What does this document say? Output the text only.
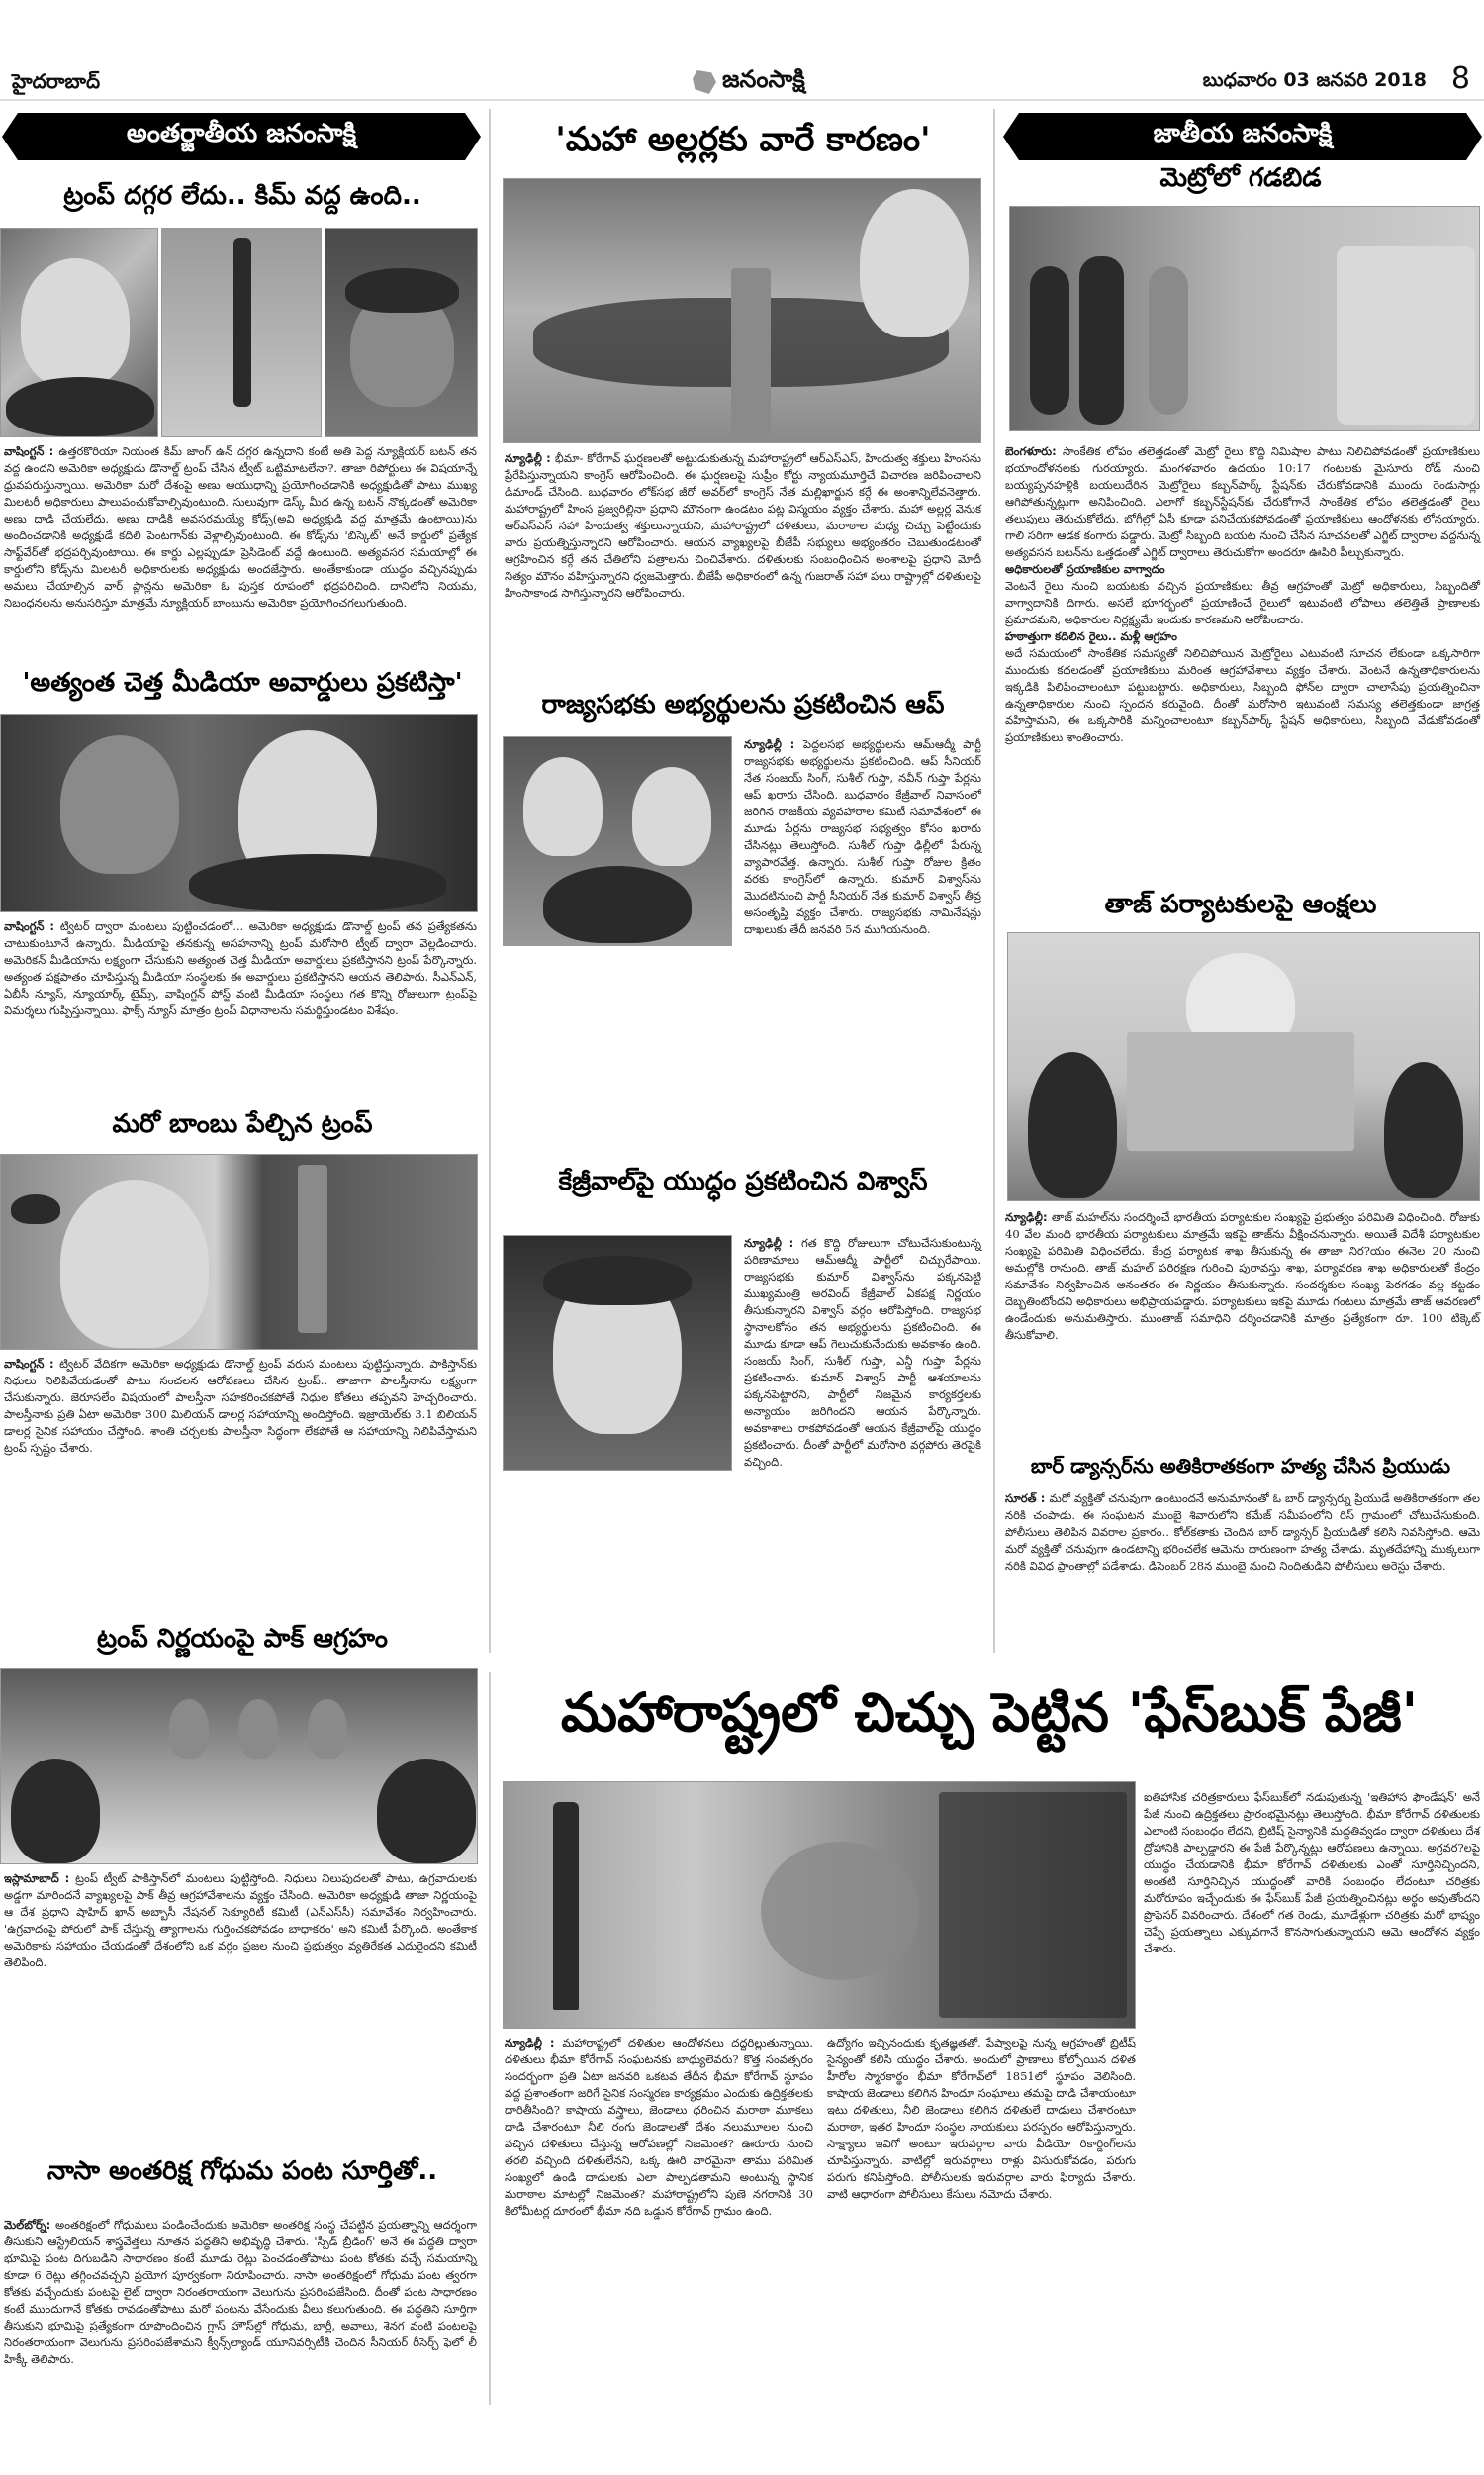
హైదరాబాద్	జనంసాక్షి	బుధవారం 03 జనవరి 2018 8
అంతర్జాతీయ జనంసాక్షి
ట్రంప్ దగ్గర లేదు.. కిమ్ వద్ద ఉంది..
వాషింగ్టన్ : ఉత్తరకొరియా నియంత కిమ్ జాంగ్ ఉన్ దగ్గర ఉన్నదాని కంటే అతి పెద్ద న్యూక్లియర్ బటన్ తన వద్ద ఉందని అమెరికా అధ్యక్షుడు డొనాల్డ్ ట్రంప్ చేసిన ట్వీట్ ఒట్టిమాటలేనా?. తాజా రిపోర్టులు ఈ విషయాన్నే ధ్రువపరుస్తున్నాయి. అమెరికా మరో దేశంపై అణు ఆయుధాన్ని ప్రయోగించడానికి అధ్యక్షుడితో పాటు ముఖ్య మిలటరీ అధికారులు పాలుపంచుకోవాల్సివుంటుంది. సులువుగా డెస్క్ మీద ఉన్న బటన్ నొక్కడంతో అమెరికా అణు దాడి చేయలేదు. అణు దాడికి అవసరమయ్యే కోడ్స్(అవి అధ్యక్షుడి వద్ద మాత్రమే ఉంటాయి)ను అందించడానికి అధ్యక్షుడే కదిలి పెంటగాన్‌కు వెళ్లాల్సివుంటుంది. ఈ కోడ్స్‌ను 'బిస్కెట్' అనే కార్డులో ప్రత్యేక సాఫ్ట్‌వేర్‌తో భద్రపర్చివుంటాయి. ఈ కార్డు ఎల్లప్పుడూ ప్రెసిడెంట్ వద్దే ఉంటుంది. అత్యవసర సమయాల్లో ఈ కార్డులోని కోడ్స్‌ను మిలటరీ అధికారులకు అధ్యక్షుడు అందజేస్తారు. అంతేకాకుండా యుద్ధం వచ్చినప్పుడు అమలు చేయాల్సిన వార్ ప్లాన్లను అమెరికా ఓ పుస్తక రూపంలో భద్రపరిచింది. దానిలోని నియమ, నిబంధనలను అనుసరిస్తూ మాత్రమే న్యూక్లియర్ బాంబును అమెరికా ప్రయోగించగలుగుతుంది.
'అత్యంత చెత్త మీడియా అవార్డులు ప్రకటిస్తా'
వాషింగ్టన్ : ట్విటర్ ద్వారా మంటలు పుట్టించడంలో... అమెరికా అధ్యక్షుడు డొనాల్డ్ ట్రంప్ తన ప్రత్యేకతను చాటుకుంటూనే ఉన్నారు. మీడియాపై తనకున్న అసహనాన్ని ట్రంప్ మరోసారి ట్వీట్ ద్వారా వెల్లడించారు. అమెరికన్ మీడియాను లక్ష్యంగా చేసుకుని అత్యంత చెత్త మీడియా అవార్డులు ప్రకటిస్తానని ట్రంప్ పేర్కొన్నారు. అత్యంత పక్షపాతం చూపిస్తున్న మీడియా సంస్థలకు ఈ అవార్డులు ప్రకటిస్తానని ఆయన తెలిపారు. సీఎన్ఎన్, ఏబీసీ న్యూస్, న్యూయార్క్ టైమ్స్, వాషింగ్టన్ పోస్ట్ వంటి మీడియా సంస్థలు గత కొన్ని రోజులుగా ట్రంప్‌పై విమర్శలు గుప్పిస్తున్నాయి. ఫాక్స్ న్యూస్ మాత్రం ట్రంప్ విధానాలను సమర్థిస్తుండటం విశేషం.
మరో బాంబు పేల్చిన ట్రంప్
వాషింగ్టన్ : ట్విటర్ వేదికగా అమెరికా అధ్యక్షుడు డొనాల్డ్ ట్రంప్ వరుస మంటలు పుట్టిస్తున్నారు. పాకిస్తాన్‌కు నిధులు నిలిపివేయడంతో పాటు సంచలన ఆరోపణలు చేసిన ట్రంప్.. తాజాగా పాలస్తీనాను లక్ష్యంగా చేసుకున్నారు. జెరూసలేం విషయంలో పాలస్తీనా సహకరించకపోతే నిధుల కోతలు తప్పవని హెచ్చరించారు. పాలస్తీనాకు ప్రతి ఏటా అమెరికా 300 మిలియన్ డాలర్ల సహాయాన్ని అందిస్తోంది. ఇజ్రాయెల్‌కు 3.1 బిలియన్ డాలర్ల సైనిక సహాయం చేస్తోంది. శాంతి చర్చలకు పాలస్తీనా సిద్ధంగా లేకపోతే ఆ సహాయాన్ని నిలిపివేస్తామని ట్రంప్ స్పష్టం చేశారు.
ట్రంప్ నిర్ణయంపై పాక్ ఆగ్రహం
ఇస్లామాబాద్ : ట్రంప్ ట్వీట్ పాకిస్తాన్‌లో మంటలు పుట్టిస్తోంది. నిధులు నిలుపుదలతో పాటు, ఉగ్రవాదులకు అడ్డగా మారిందనే వ్యాఖ్యలపై పాక్ తీవ్ర ఆగ్రహావేశాలను వ్యక్తం చేసింది. అమెరికా అధ్యక్షుడి తాజా నిర్ణయంపై ఆ దేశ ప్రధాని షాహిద్ ఖాన్ అబ్బాసీ నేషనల్ సెక్యూరిటీ కమిటీ (ఎన్ఎస్‌సీ) సమావేశం నిర్వహించారు. 'ఉగ్రవాదంపై పోరులో పాక్ చేస్తున్న త్యాగాలను గుర్తించకపోవడం బాధాకరం' అని కమిటీ పేర్కొంది. అంతేకాక అమెరికాకు సహాయం చేయడంతో దేశంలోని ఒక వర్గం ప్రజల నుంచి ప్రభుత్వం వ్యతిరేకత ఎదురైందని కమిటీ తెలిపింది.
నాసా అంతరిక్ష గోధుమ పంట సూర్తితో..
మెల్‌బోర్న్: అంతరిక్షంలో గోధుమలు పండించేందుకు అమెరికా అంతరిక్ష సంస్థ చేపట్టిన ప్రయత్నాన్ని ఆదర్శంగా తీసుకుని ఆస్ట్రేలియన్ శాస్త్రవేత్తలు నూతన పద్ధతిని అభివృద్ధి చేశారు. 'స్పీడ్ బ్రీడింగ్' అనే ఈ పద్ధతి ద్వారా భూమిపై పంట దిగుబడిని సాధారణం కంటే మూడు రెట్లు పెంచడంతోపాటు పంట కోతకు వచ్చే సమయాన్ని కూడా 6 రెట్లు తగ్గించవచ్చని ప్రయోగ పూర్వకంగా నిరూపించారు. నాసా అంతరిక్షంలో గోధుమ పంట త్వరగా కోతకు వచ్చేందుకు పంటపై లైట్ ద్వారా నిరంతరాయంగా వెలుగును ప్రసరింపజేసింది. దీంతో పంట సాధారణం కంటే ముందుగానే కోతకు రావడంతోపాటు మరో పంటను వేసేందుకు వీలు కలుగుతుంది. ఈ పద్ధతిని సూర్తిగా తీసుకుని భూమిపై ప్రత్యేకంగా రూపొందించిన గ్లాస్ హౌస్‌ల్లో గోధుమ, బార్లీ, అవాలు, శెనగ వంటి పంటలపై నిరంతరాయంగా వెలుగును ప్రసరింపజేశామని క్వీన్స్‌ల్యాండ్ యూనివర్సిటీకి చెందిన సీనియర్ రీసెర్చ్ ఫెలో లీ హిక్కీ తెలిపారు.
'మహా అల్లర్లకు వారే కారణం'
న్యూఢిల్లీ : భీమా- కోరేగావ్ ఘర్షణలతో అట్టుడుకుతున్న మహారాష్ట్రలో ఆర్ఎస్ఎస్, హిందుత్వ శక్తులు హింసను ప్రేరేపిస్తున్నాయని కాంగ్రెస్ ఆరోపించింది. ఈ ఘర్షణలపై సుప్రీం కోర్టు న్యాయమూర్తిచే విచారణ జరిపించాలని డిమాండ్ చేసింది. బుధవారం లోక్‌సభ జీరో అవర్‌లో కాంగ్రెస్ నేత మల్లిఖార్జున కర్గే ఈ అంశాన్నిలేవనెత్తారు. మహారాష్ట్రలో హింస ప్రజ్వరిల్లినా ప్రధాని మౌనంగా ఉండటం పట్ల విస్మయం వ్యక్తం చేశారు. మహా అల్లర్ల వెనుక ఆర్ఎస్ఎస్ సహా హిందుత్వ శక్తులున్నాయని, మహారాష్ట్రలో దళితులు, మరాఠాల మధ్య చిచ్చు పెట్టేందుకు వారు ప్రయత్నిస్తున్నారని ఆరోపించారు. ఆయన వ్యాఖ్యలపై బీజేపీ సభ్యులు అభ్యంతరం చెబుతుండటంతో ఆగ్రహించిన కర్గే తన చేతిలోని పత్రాలను చించివేశారు. దళితులకు సంబంధించిన అంశాలపై ప్రధాని మోదీ నిత్యం మౌనం వహిస్తున్నారని ధ్వజమెత్తారు. బీజేపీ అధికారంలో ఉన్న గుజరాత్ సహా పలు రాష్ట్రాల్లో దళితులపై హింసాకాండ సాగిస్తున్నారని ఆరోపించారు.
రాజ్యసభకు అభ్యర్థులను ప్రకటించిన ఆప్
న్యూఢిల్లీ : పెద్దలసభ అభ్యర్థులను ఆమ్‌ఆద్మీ పార్టీ రాజ్యసభకు అభ్యర్థులను ప్రకటించింది. ఆప్ సీనియర్ నేత సంజయ్ సింగ్, సుశీల్ గుప్తా, నవీన్ గుప్తా పేర్లను ఆప్ ఖరారు చేసింది. బుధవారం కేజ్రీవాల్ నివాసంలో జరిగిన రాజకీయ వ్యవహారాల కమిటీ సమావేశంలో ఈ మూడు పేర్లను రాజ్యసభ సభ్యత్వం కోసం ఖరారు చేసినట్లు తెలుస్తోంది. సుశీల్ గుప్తా ఢిల్లీలో పేరున్న వ్యాపారవేత్త. ఉన్నారు. సుశీల్ గుప్తా రోజుల క్రితం వరకు కాంగ్రెస్‌లో ఉన్నారు. కుమార్ విశ్వాస్‌ను మొదటినుంచి పార్టీ సీనియర్ నేత కుమార్ విశ్వాస్ తీవ్ర అసంతృప్తి వ్యక్తం చేశారు. రాజ్యసభకు నామినేషన్లు దాఖలుకు తేదీ జనవరి 5న ముగియనుంది.
కేజ్రీవాల్‌పై యుద్ధం ప్రకటించిన విశ్వాస్
న్యూఢిల్లీ : గత కొద్ది రోజులుగా చోటుచేసుకుంటున్న పరిణామాలు ఆమ్‌ఆద్మీ పార్టీలో చిచ్చురేపాయి. రాజ్యసభకు కుమార్ విశ్వాస్‌ను పక్కనపెట్టి ముఖ్యమంత్రి అరవింద్ కేజ్రీవాల్ ఏకపక్ష నిర్ణయం తీసుకున్నారని విశ్వాస్ వర్గం ఆరోపిస్తోంది. రాజ్యసభ స్థానాలకోసం తన అభ్యర్థులను ప్రకటించింది. ఈ మూడు కూడా ఆప్ గెలుచుకునేందుకు అవకాశం ఉంది. సంజయ్ సింగ్, సుశీల్ గుప్తా, ఎన్డీ గుప్తా పేర్లను ప్రకటించారు. కుమార్ విశ్వాస్ పార్టీ ఆశయాలను పక్కనపెట్టారని, పార్టీలో నిజమైన కార్యకర్తలకు అన్యాయం జరిగిందని ఆయన పేర్కొన్నారు. అవకాశాలు రాకపోవడంతో ఆయన కేజ్రీవాల్‌పై యుద్ధం ప్రకటించారు. దీంతో పార్టీలో మరోసారి వర్గపోరు తెరపైకి వచ్చింది.
జాతీయ జనంసాక్షి
మెట్రోలో గడబిడ
బెంగళూరు: సాంకేతిక లోపం తలెత్తడంతో మెట్రో రైలు కొద్ది నిమిషాల పాటు నిలిచిపోవడంతో ప్రయాణికులు భయాందోళనలకు గురయ్యారు. మంగళవారం ఉదయం 10:17 గంటలకు మైసూరు రోడ్ నుంచి బయ్యప్పనహళ్లికి బయలుదేరిన మెట్రోరైలు కబ్బన్‌పార్క్ స్టేషన్‌కు చేరుకోవడానికి ముందు రెండుసార్లు ఆగిపోతున్నట్లుగా అనిపించింది. ఎలాగో కబ్బన్‌స్టేషన్‌కు చేరుకోగానే సాంకేతిక లోపం తలెత్తడంతో రైలు తలుపులు తెరుచుకోలేదు. బోగీల్లో ఏసీ కూడా పనిచేయకపోవడంతో ప్రయాణికులు ఆందోళనకు లోనయ్యారు. గాలి సరిగా ఆడక కంగారు పడ్డారు. మెట్రో సిబ్బంది బయట నుంచి చేసిన సూచనలతో ఎగ్జిట్ ద్వారాల వద్దనున్న అత్యవసన బటన్‌ను ఒత్తడంతో ఎగ్జిట్ ద్వారాలు తెరుచుకోగా అందరూ ఊపిరి పీల్చుకున్నారు.
అధికారులతో ప్రయాణికుల వాగ్వాదం
వెంటనే రైలు నుంచి బయటకు వచ్చిన ప్రయాణికులు తీవ్ర ఆగ్రహంతో మెట్రో అధికారులు, సిబ్బందితో వాగ్వాదానికి దిగారు. అసలే భూగర్భంలో ప్రయాణించే రైలులో ఇటువంటి లోపాలు తలెత్తితే ప్రాణాలకు ప్రమాదమని, అధికారుల నిర్లక్ష్యమే ఇందుకు కారణమని ఆరోపించారు.
హఠాత్తుగా కదిలిన రైలు.. మళ్లీ ఆగ్రహం
అదే సమయంలో సాంకేతిక సమస్యతో నిలిచిపోయిన మెట్రోరైలు ఎటువంటి సూచన లేకుండా ఒక్కసారిగా ముందుకు కదలడంతో ప్రయాణికులు మరింత ఆగ్రహావేశాలు వ్యక్తం చేశారు. వెంటనే ఉన్నతాధికారులను ఇక్కడికి పిలిపించాలంటూ పట్టుబట్టారు. అధికారులు, సిబ్బంది ఫోన్‌ల ద్వారా చాలాసేపు ప్రయత్నించినా ఉన్నతాధికారుల నుంచి స్పందన కరువైంది. దీంతో మరోసారి ఇటువంటి సమస్య తలెత్తకుండా జాగ్రత్త వహిస్తామని, ఈ ఒక్కసారికి మన్నించాలంటూ కబ్బన్‌పార్క్ స్టేషన్ అధికారులు, సిబ్బంది వేడుకోవడంతో ప్రయాణికులు శాంతించారు.
తాజ్ పర్యాటకులపై ఆంక్షలు
న్యూఢిల్లీ: తాజ్ మహల్‌ను సందర్శించే భారతీయ పర్యాటకుల సంఖ్యపై ప్రభుత్వం పరిమితి విధించింది. రోజుకు 40 వేల మంది భారతీయ పర్యాటకులు మాత్రమే ఇకపై తాజ్‌ను వీక్షించనున్నారు. అయితే విదేశీ పర్యాటకుల సంఖ్యపై పరిమితి విధించలేదు. కేంద్ర పర్యాటక శాఖ తీసుకున్న ఈ తాజా నిర?యం ఈనెల 20 నుంచి అమల్లోకి రానుంది. తాజ్ మహల్ పరిరక్షణ గురించి పురావస్తు శాఖ, పర్యావరణ శాఖ అధికారులతో కేంద్రం సమావేశం నిర్వహించిన అనంతరం ఈ నిర్ణయం తీసుకున్నారు. సందర్శకుల సంఖ్య పెరగడం వల్ల కట్టడం దెబ్బతింటోందని అధికారులు అభిప్రాయపడ్డారు. పర్యాటకులు ఇకపై మూడు గంటలు మాత్రమే తాజ్ ఆవరణలో ఉండేందుకు అనుమతిస్తారు. ముంతాజ్ సమాధిని దర్శించడానికి మాత్రం ప్రత్యేకంగా రూ. 100 టిక్కెట్ తీసుకోవాలి.
బార్ డ్యాన్సర్‌ను అతికిరాతకంగా హత్య చేసిన ప్రియుడు
సూరత్ : మరో వ్యక్తితో చనువుగా ఉంటుందనే అనుమానంతో ఓ బార్ డ్యాన్సర్ను ప్రియుడే అతికిరాతకంగా తల నరికి చంపాడు. ఈ సంఘటన ముంబై శివారులోని కమేజ్ సమీపంలోని రిస్ గ్రామంలో చోటుచేసుకుంది. పోలీసులు తెలిపిన వివరాల ప్రకారం.. కోల్‌కతాకు చెందిన బార్ డ్యాన్సర్ ప్రియుడితో కలిసి నివసిస్తోంది. ఆమె మరో వ్యక్తితో చనువుగా ఉండటాన్ని భరించలేక ఆమెను దారుణంగా హత్య చేశాడు. మృతదేహాన్ని ముక్కలుగా నరికి వివిధ ప్రాంతాల్లో పడేశాడు. డిసెంబర్ 28న ముంబై నుంచి నిందితుడిని పోలీసులు అరెస్టు చేశారు.
మహారాష్ట్రలో చిచ్చు పెట్టిన 'ఫేస్‌బుక్ పేజీ'
ఐతిహాసిక చరిత్రకారులు ఫేస్‌బుక్‌లో నడుపుతున్న 'ఇతిహాస ఫౌండేషన్' అనే పేజీ నుంచి ఉద్రిక్తతలు ప్రారంభమైనట్లు తెలుస్తోంది. భీమా కోరేగావ్ దళితులకు ఎలాంటి సంబంధం లేదని, బ్రిటిష్ సైన్యానికి మద్దతివ్వడం ద్వారా దళితులు దేశ ద్రోహానికి పాల్పడ్డారని ఈ పేజీ పేర్కొన్నట్లు ఆరోపణలు ఉన్నాయి. అగ్రవర?లపై యుద్ధం చేయడానికి భీమా కోరేగావ్ దళితులకు ఎంతో సూర్తినిచ్చిందని, అంతటి సూర్తినిచ్చిన యుద్ధంతో వారికి సంబంధం లేదంటూ చరిత్రకు మరోరూపం ఇచ్చేందుకు ఈ ఫేస్‌బుక్ పేజీ ప్రయత్నించినట్లు అర్థం అవుతోందని ప్రొఫెసర్ వివరించారు. దేశంలో గత రెండు, మూడేళ్లుగా చరిత్రకు మరో భాష్యం చెప్పే ప్రయత్నాలు ఎక్కువగానే కొనసాగుతున్నాయని ఆమె ఆందోళన వ్యక్తం చేశారు.
న్యూఢిల్లీ : మహారాష్ట్రలో దళితుల ఆందోళనలు దద్దరిల్లుతున్నాయి. దళితులు భీమా కోరేగావ్ సంఘటనకు బాధ్యులెవరు? కొత్త సంవత్సరం సందర్భంగా ప్రతి ఏటా జనవరి ఒకటవ తేదీన భీమా కోరేగావ్ స్థూపం వద్ద ప్రశాంతంగా జరిగే సైనిక సంస్మరణ కార్యక్రమం ఎందుకు ఉద్రిక్తతలకు దారితీసింది? కాషాయ వస్త్రాలు, జెండాలు ధరించిన మరాఠా మూకలు దాడి చేశారంటూ నీలి రంగు జెండాలతో దేశం నలుమూలల నుంచి వచ్చిన దళితులు చేస్తున్న ఆరోపణల్లో నిజమెంత? ఊరూరు నుంచి తరలి వచ్చింది దళితులేనని, ఒక్క ఊరి వారమైనా తాము పరిమిత సంఖ్యలో ఉండి దాడులకు ఎలా పాల్పడతామని అంటున్న స్థానిక మరాఠాల మాటల్లో నిజమెంత? మహారాష్ట్రలోని పుణె నగరానికి 30 కిలోమీటర్ల దూరంలో భీమా నది ఒడ్డున కోరేగావ్ గ్రామం ఉంది.
ఉద్యోగం ఇచ్చినందుకు కృతజ్ఞతతో, పేష్వాలపై నున్న ఆగ్రహంతో బ్రిటీష్ సైన్యంతో కలిసి యుద్ధం చేశారు. అందులో ప్రాణాలు కోల్పోయిన దళిత హీరోల స్మారకార్థం భీమా కోరేగావ్‌లో 1851లో స్థూపం వెలిసింది. కాషాయ జెండాలు కలిగిన హిందూ సంఘాలు తమపై దాడి చేశాయంటూ ఇటు దళితులు, నీలి జెండాలు కలిగిన దళితులే దాడులు చేశారంటూ మరాఠా, ఇతర హిందూ సంస్థల నాయకులు పరస్పరం ఆరోపిస్తున్నారు. సాక్ష్యాలు ఇవిగో అంటూ ఇరువర్గాల వారు వీడియో రికార్డింగ్‌లను చూపిస్తున్నారు. వాటిల్లో ఇరువర్గాలు రాళ్లు విసురుకోవడం, పరుగు పరుగు కనిపిస్తోంది. పోలీసులకు ఇరువర్గాల వారు ఫిర్యాదు చేశారు. వాటి ఆధారంగా పోలీసులు కేసులు నమోదు చేశారు.
